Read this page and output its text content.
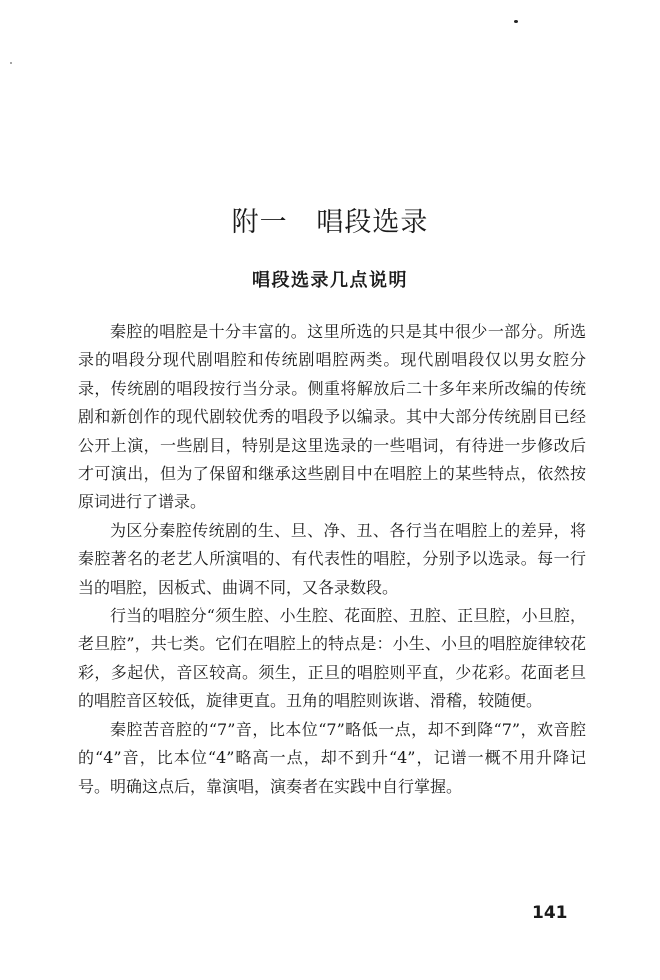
附一   唱段选录
唱段选录几点说明

秦腔的唱腔是十分丰富的。这里所选的只是其中很少一部分。所选录的唱段分现代剧唱腔和传统剧唱腔两类。现代剧唱段仅以男女腔分录，传统剧的唱段按行当分录。侧重将解放后二十多年来所改编的传统剧和新创作的现代剧较优秀的唱段予以编录。其中大部分传统剧目已经公开上演，一些剧目，特别是这里选录的一些唱词，有待进一步修改后才可演出，但为了保留和继承这些剧目中在唱腔上的某些特点，依然按原词进行了谱录。

为区分秦腔传统剧的生、旦、净、丑、各行当在唱腔上的差异，将秦腔著名的老艺人所演唱的、有代表性的唱腔，分别予以选录。每一行当的唱腔，因板式、曲调不同，又各录数段。

行当的唱腔分“须生腔、小生腔、花面腔、丑腔、正旦腔，小旦腔，老旦腔”，共七类。它们在唱腔上的特点是：小生、小旦的唱腔旋律较花彩，多起伏，音区较高。须生，正旦的唱腔则平直，少花彩。花面老旦的唱腔音区较低，旋律更直。丑角的唱腔则诙谐、滑稽，较随便。

秦腔苦音腔的“7”音，比本位“7”略低一点，却不到降“7”，欢音腔的“4”音，比本位“4”略高一点，却不到升“4”，记谱一概不用升降记号。明确这点后，靠演唱，演奏者在实践中自行掌握。

141
